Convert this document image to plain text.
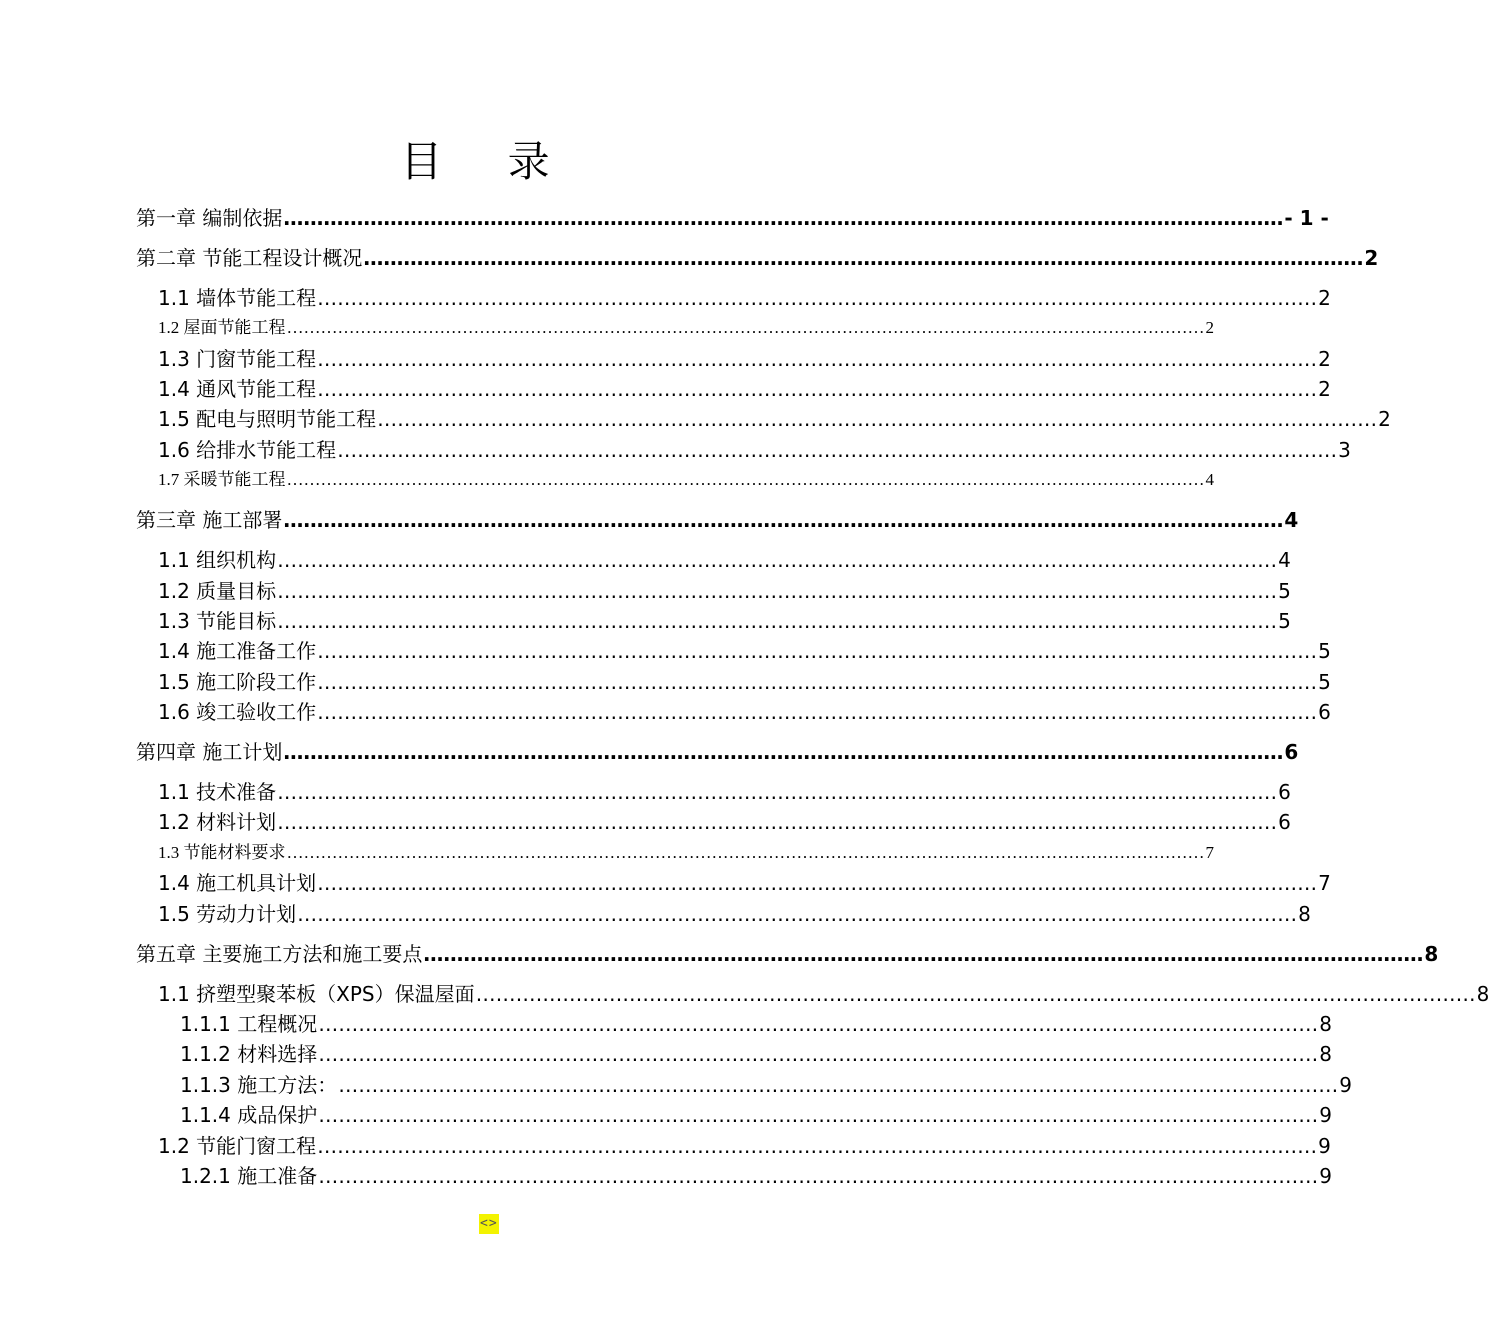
目 录
第一章 编制依据 …………………………………………………………………………………………………………………………………… - 1 -
第二章 节能工程设计概况 …………………………………………………………………………………………………………………………………… 2
1.1 墙体节能工程 …………………………………………………………………………………………………………………………………… 2
1.2 屋面节能工程 ……………………………………………………………………………………………………………………………………………… 2
1.3 门窗节能工程 …………………………………………………………………………………………………………………………………… 2
1.4 通风节能工程 …………………………………………………………………………………………………………………………………… 2
1.5 配电与照明节能工程 …………………………………………………………………………………………………………………………………… 2
1.6 给排水节能工程 …………………………………………………………………………………………………………………………………… 3
1.7 采暖节能工程 ……………………………………………………………………………………………………………………………………………… 4
第三章 施工部署 …………………………………………………………………………………………………………………………………… 4
1.1 组织机构 …………………………………………………………………………………………………………………………………… 4
1.2 质量目标 …………………………………………………………………………………………………………………………………… 5
1.3 节能目标 …………………………………………………………………………………………………………………………………… 5
1.4 施工准备工作 …………………………………………………………………………………………………………………………………… 5
1.5 施工阶段工作 …………………………………………………………………………………………………………………………………… 5
1.6 竣工验收工作 …………………………………………………………………………………………………………………………………… 6
第四章 施工计划 …………………………………………………………………………………………………………………………………… 6
1.1 技术准备 …………………………………………………………………………………………………………………………………… 6
1.2 材料计划 …………………………………………………………………………………………………………………………………… 6
1.3 节能材料要求 ……………………………………………………………………………………………………………………………………………… 7
1.4 施工机具计划 …………………………………………………………………………………………………………………………………… 7
1.5 劳动力计划 …………………………………………………………………………………………………………………………………… 8
第五章 主要施工方法和施工要点 …………………………………………………………………………………………………………………………………… 8
1.1 挤塑型聚苯板（XPS）保温屋面 …………………………………………………………………………………………………………………………………… 8
1.1.1 工程概况 …………………………………………………………………………………………………………………………………… 8
1.1.2 材料选择 …………………………………………………………………………………………………………………………………… 8
1.1.3 施工方法： …………………………………………………………………………………………………………………………………… 9
1.1.4 成品保护 …………………………………………………………………………………………………………………………………… 9
1.2 节能门窗工程 …………………………………………………………………………………………………………………………………… 9
1.2.1 施工准备 …………………………………………………………………………………………………………………………………… 9
<>
